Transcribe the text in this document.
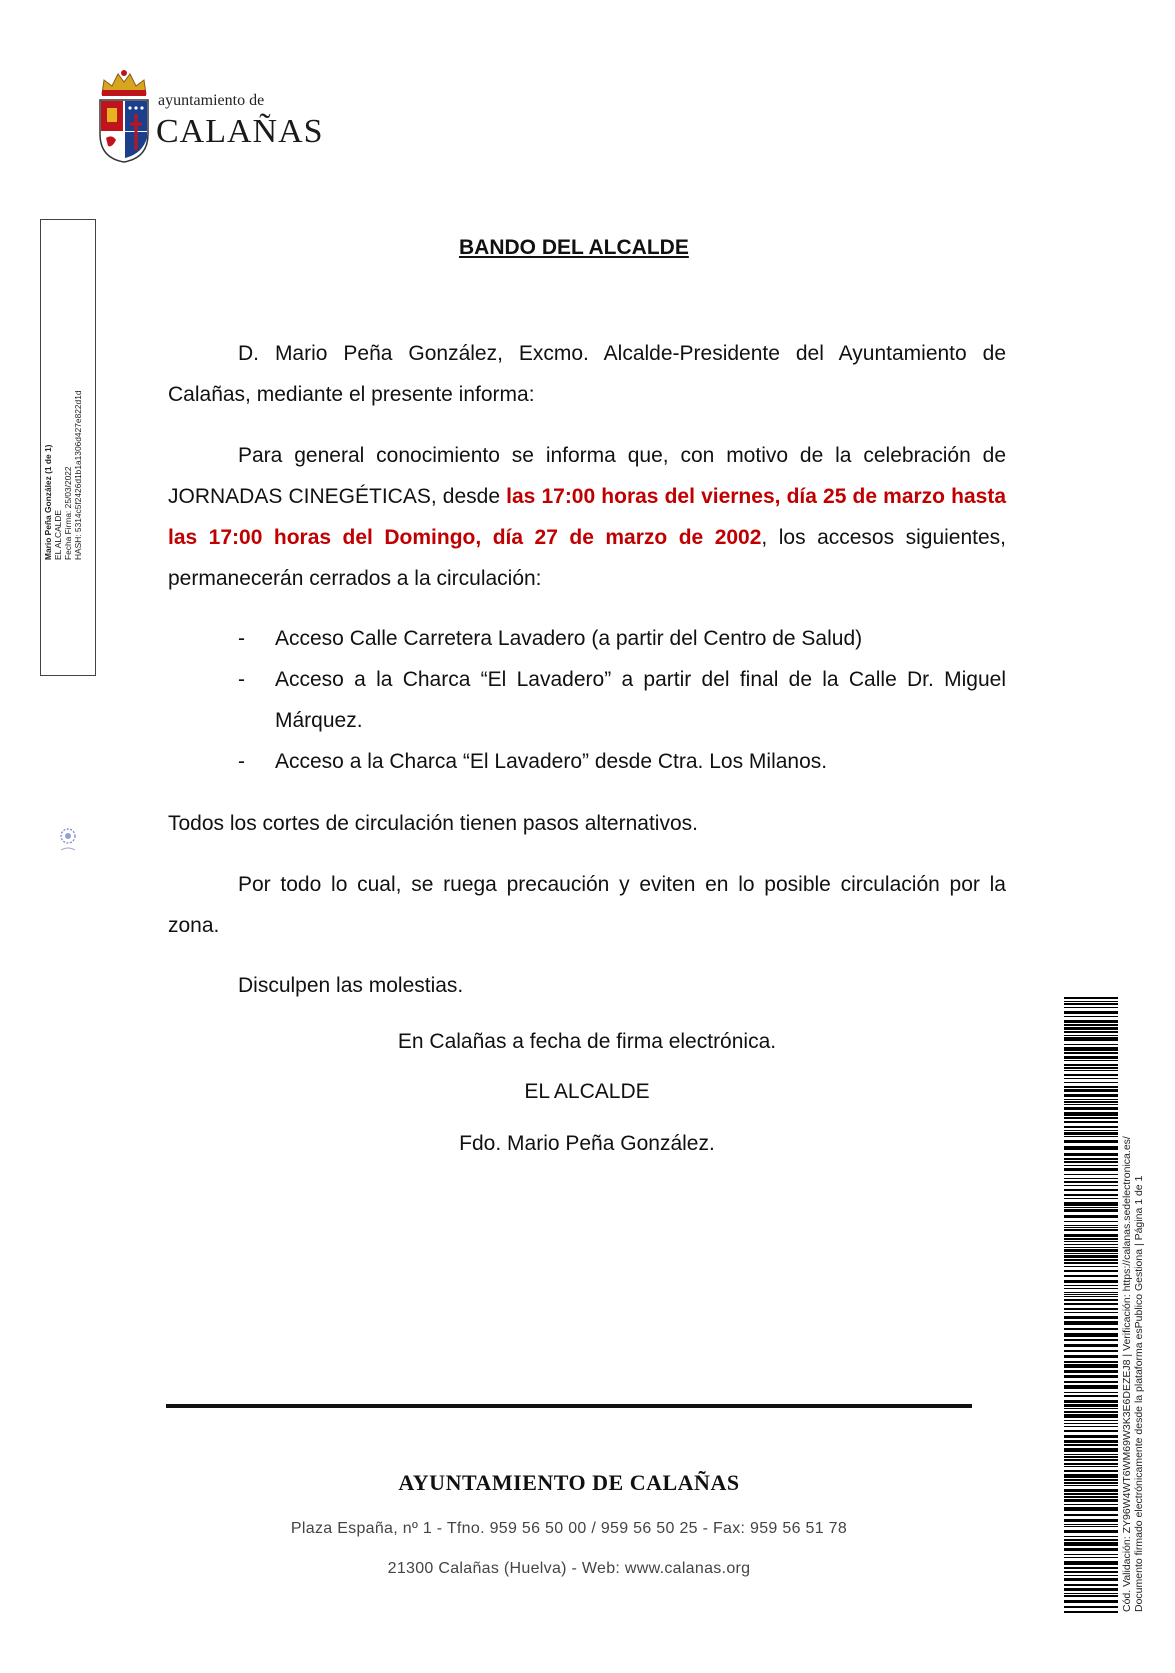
ayuntamiento de
CALAÑAS
Mario Peña González (1 de 1) EL ALCALDE Fecha Firma: 25/03/2022 HASH: 5314c5f2426d1b1a1306d427e822d1d
BANDO DEL ALCALDE
D. Mario Peña González, Excmo. Alcalde-Presidente del Ayuntamiento de Calañas, mediante el presente informa:
Para general conocimiento se informa que, con motivo de la celebración de JORNADAS CINEGÉTICAS, desde las 17:00 horas del viernes, día 25 de marzo hasta las 17:00 horas del Domingo, día 27 de marzo de 2002, los accesos siguientes, permanecerán cerrados a la circulación:
- Acceso Calle Carretera Lavadero (a partir del Centro de Salud)
- Acceso a la Charca “El Lavadero” a partir del final de la Calle Dr. Miguel Márquez.
- Acceso a la Charca “El Lavadero” desde Ctra. Los Milanos.
Todos los cortes de circulación tienen pasos alternativos.
Por todo lo cual, se ruega precaución y eviten en lo posible circulación por la zona.
Disculpen las molestias.
En Calañas a fecha de firma electrónica.
EL ALCALDE
Fdo. Mario Peña González.
AYUNTAMIENTO DE CALAÑAS
Plaza España, nº 1 - Tfno. 959 56 50 00 / 959 56 50 25 - Fax: 959 56 51 78
21300 Calañas (Huelva) - Web: www.calanas.org	Cód. Validación: ZY96W4WT6WM69W3K3E6DEZEJ8 | Verificación: https://calanas.sedelectronica.es/ Documento firmado electrónicamente desde la plataforma esPublico Gestiona | Página 1 de 1
